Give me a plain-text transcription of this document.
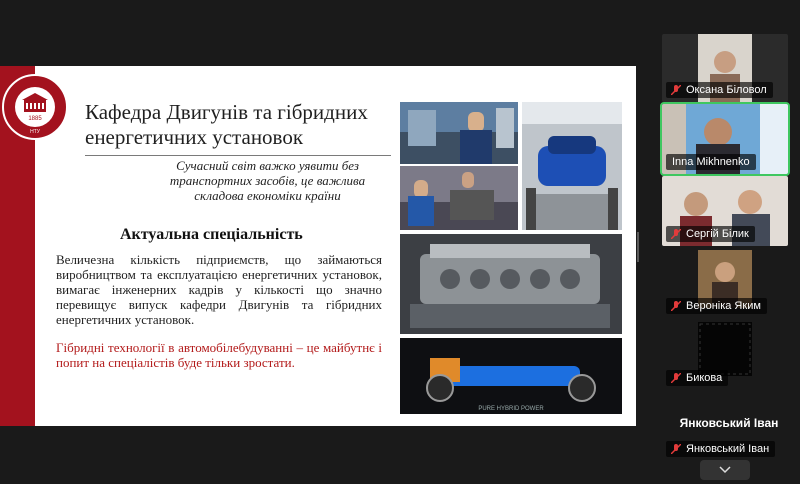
1885
НТУ
Кафедра Двигунів та гібридних енергетичних установок
Сучасний світ важко уявити без транспортних засобів, це важлива складова економіки країни
Актуальна спеціальність
Величезна кількість підприємств, що займаються виробництвом та експлуатацією енергетичних установок, вимагає інженерних кадрів у кількості що значно перевищує випуск кафедри Двигунів та гібридних енергетичних установок.
Гібридні технології в автомобілебудуванні – це майбутнє і попит на спеціалістів буде тільки зростати.
PURE HYBRID POWER
Оксана Біловол
Inna Mikhnenko
Сергій Білик
Вероніка Яким
Бикова
Янковський Іван
Янковський Іван
